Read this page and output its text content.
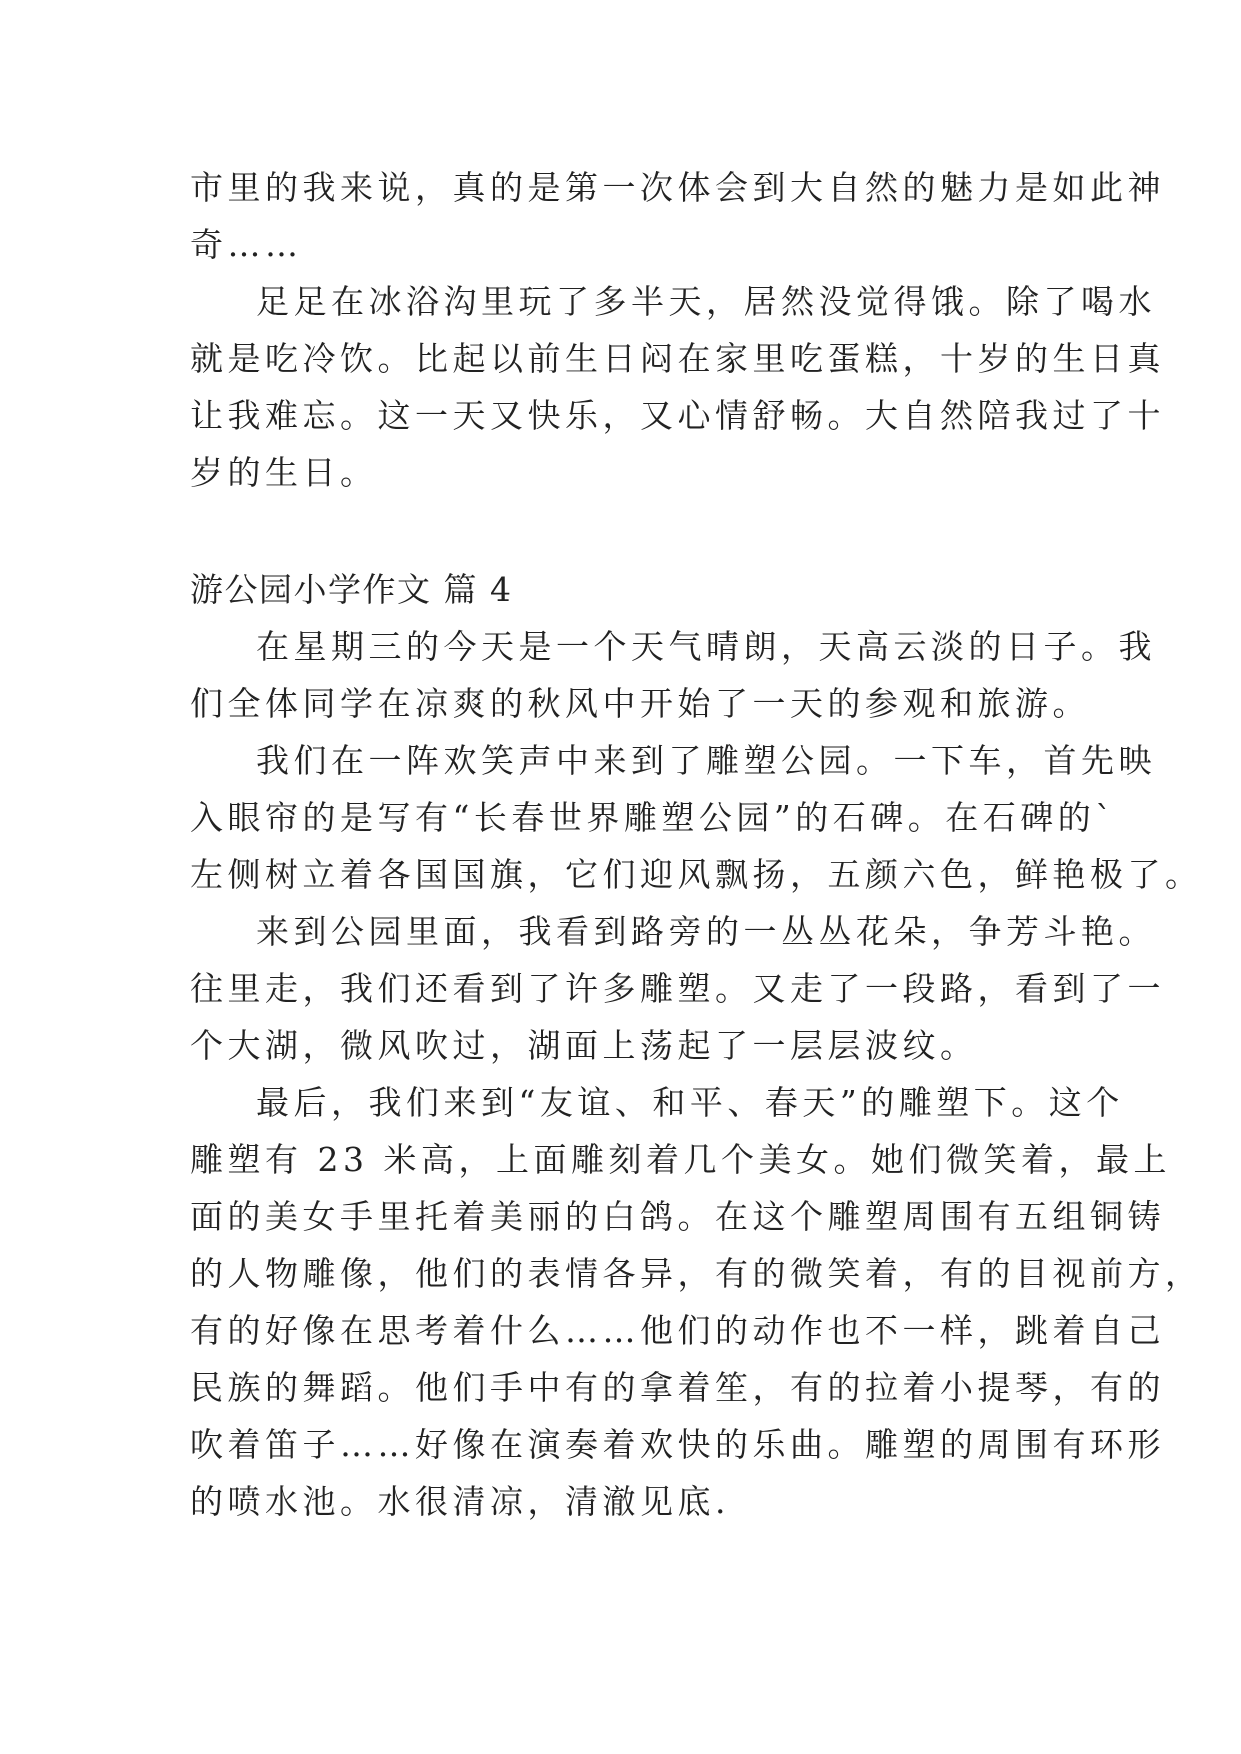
市里的我来说，真的是第一次体会到大自然的魅力是如此神
奇……
足足在冰浴沟里玩了多半天，居然没觉得饿。除了喝水
就是吃冷饮。比起以前生日闷在家里吃蛋糕，十岁的生日真
让我难忘。这一天又快乐，又心情舒畅。大自然陪我过了十
岁的生日。
游公园小学作文 篇 4
在星期三的今天是一个天气晴朗，天高云淡的日子。我
们全体同学在凉爽的秋风中开始了一天的参观和旅游。
我们在一阵欢笑声中来到了雕塑公园。一下车，首先映
入眼帘的是写有“长春世界雕塑公园”的石碑。在石碑的`
左侧树立着各国国旗，它们迎风飘扬，五颜六色，鲜艳极了。
来到公园里面，我看到路旁的一丛丛花朵，争芳斗艳。
往里走，我们还看到了许多雕塑。又走了一段路，看到了一
个大湖，微风吹过，湖面上荡起了一层层波纹。
最后，我们来到“友谊、和平、春天”的雕塑下。这个
雕塑有 23 米高，上面雕刻着几个美女。她们微笑着，最上
面的美女手里托着美丽的白鸽。在这个雕塑周围有五组铜铸
的人物雕像，他们的表情各异，有的微笑着，有的目视前方，
有的好像在思考着什么……他们的动作也不一样，跳着自己
民族的舞蹈。他们手中有的拿着笙，有的拉着小提琴，有的
吹着笛子……好像在演奏着欢快的乐曲。雕塑的周围有环形
的喷水池。水很清凉，清澈见底.
